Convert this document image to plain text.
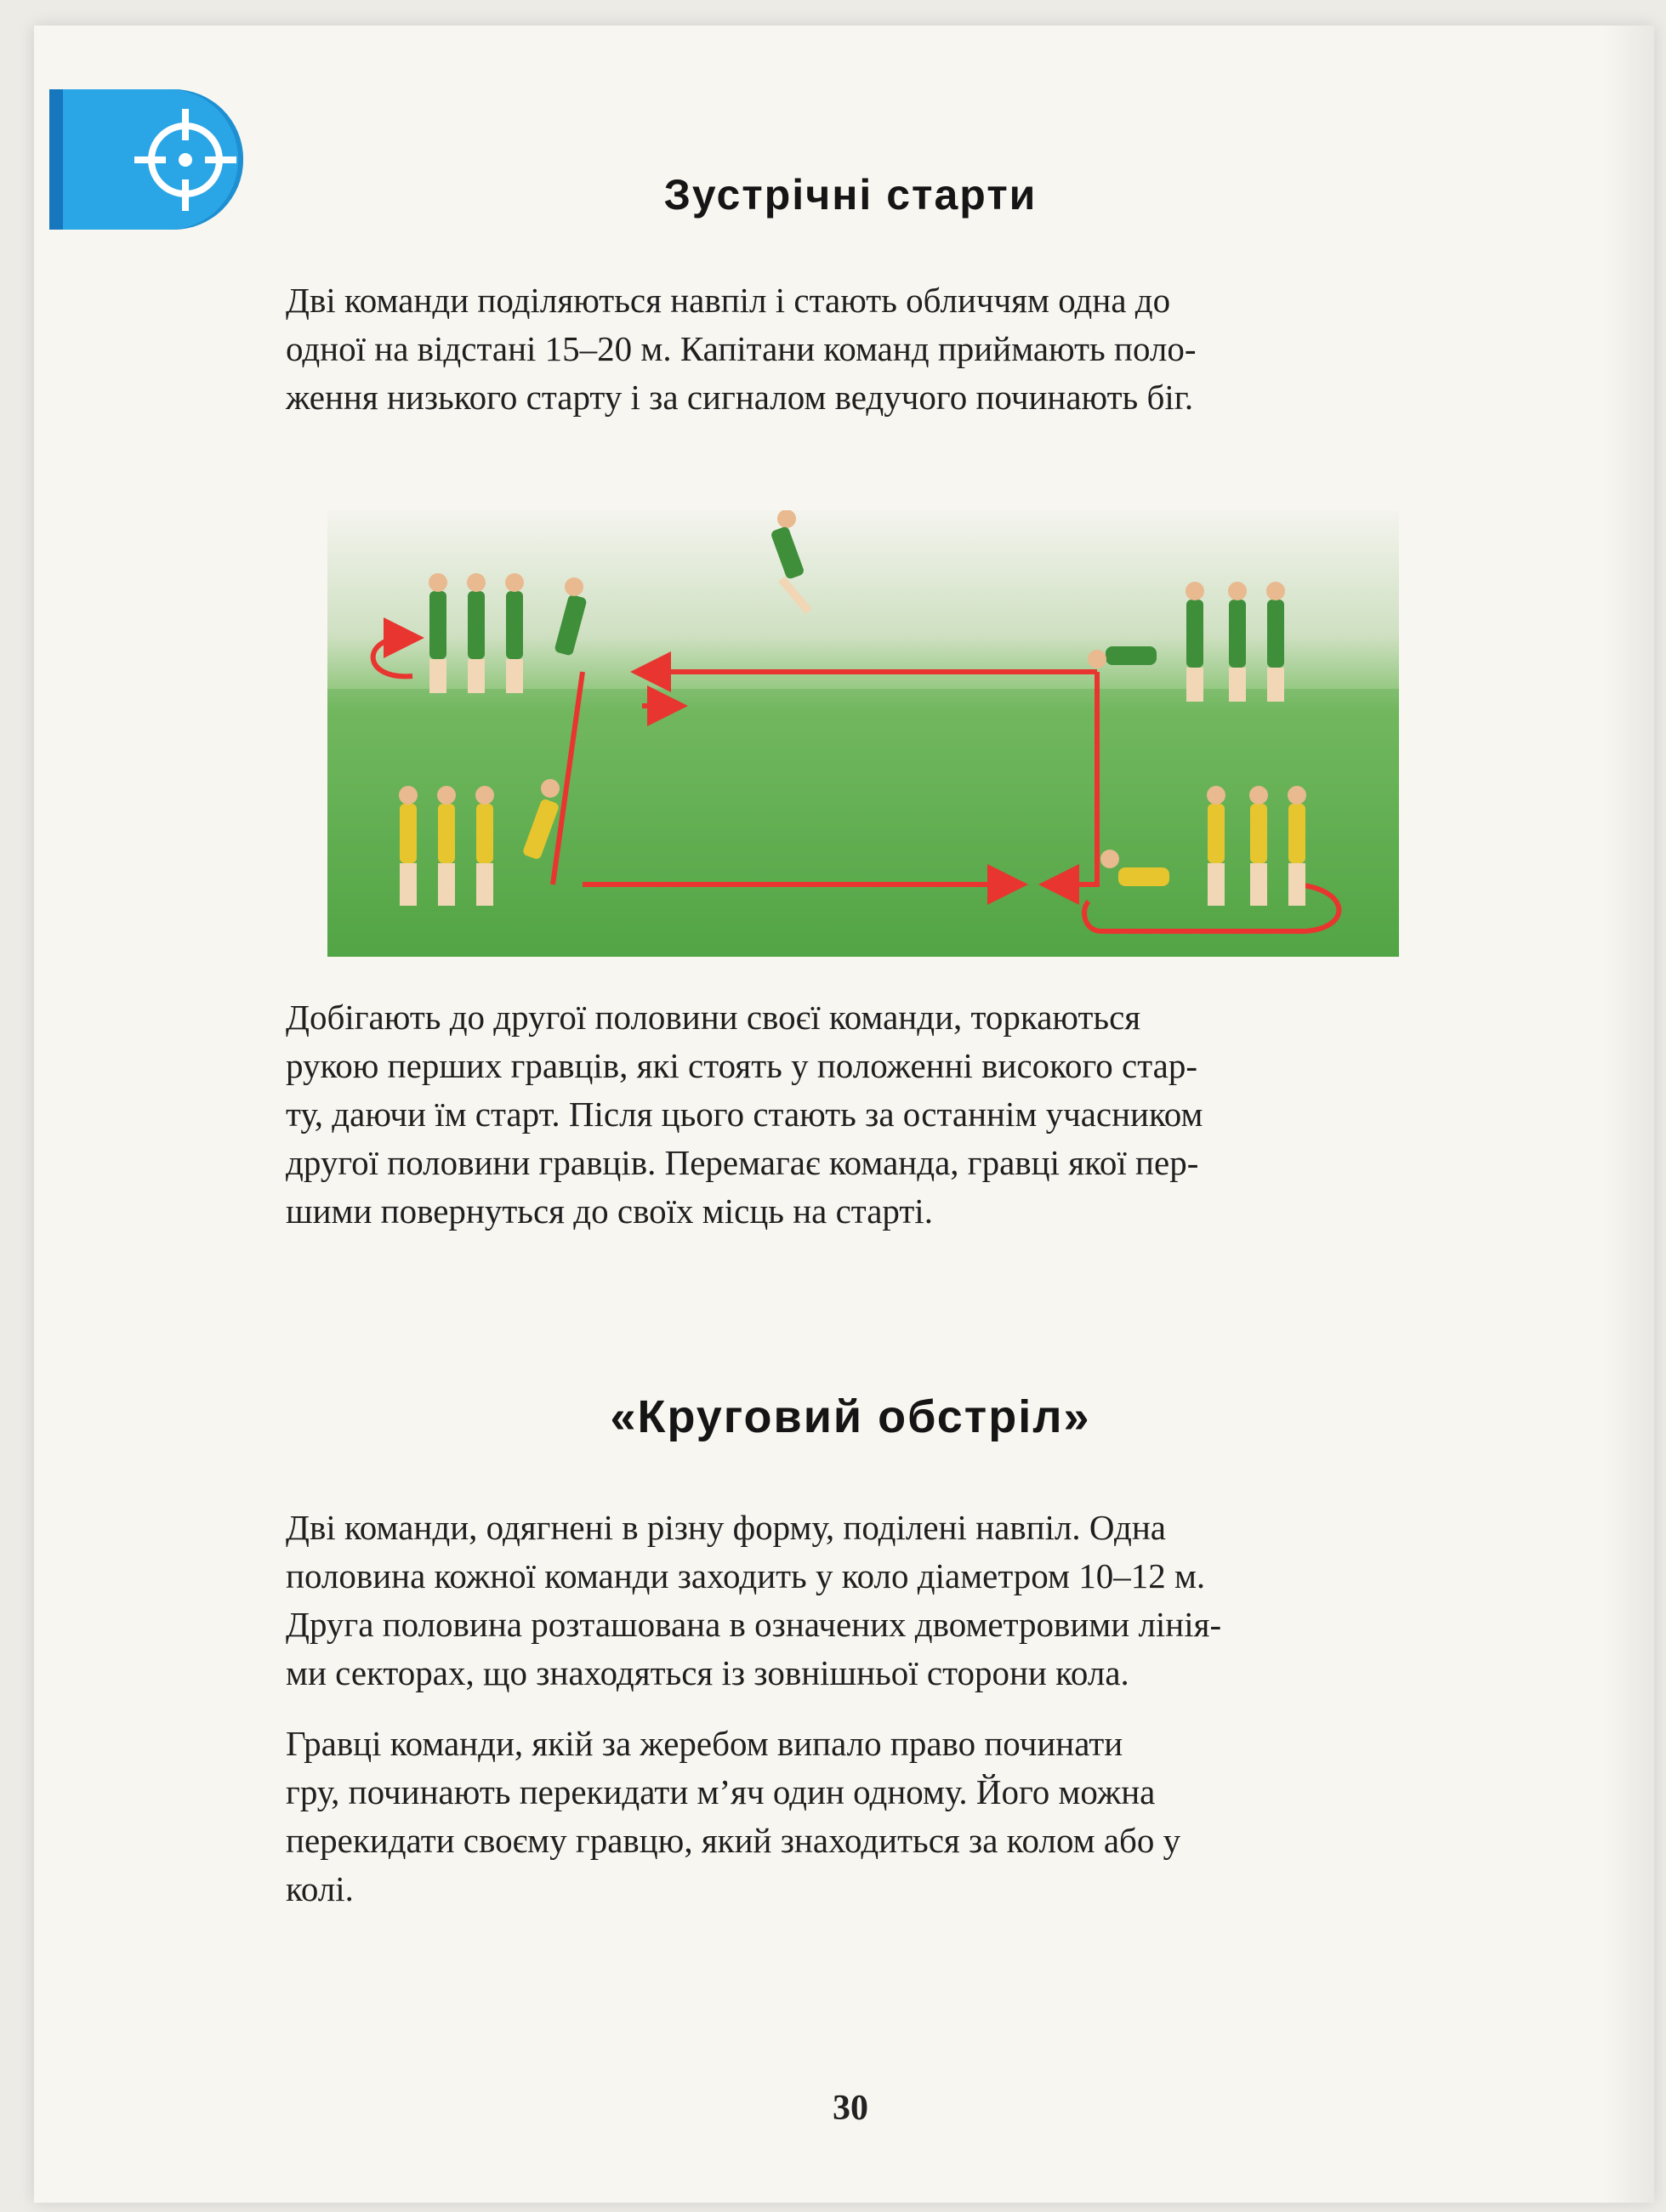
Зустрічні старти

Дві команди поділяються навпіл і стають обличчям одна до
одної на відстані 15–20 м. Капітани команд приймають поло-
ження низького старту і за сигналом ведучого починають біг.

Добігають до другої половини своєї команди, торкаються
рукою перших гравців, які стоять у положенні високого стар-
ту, даючи їм старт. Після цього стають за останнім учасником
другої половини гравців. Перемагає команда, гравці якої пер-
шими повернуться до своїх місць на старті.

«Круговий обстріл»

Дві команди, одягнені в різну форму, поділені навпіл. Одна
половина кожної команди заходить у коло діаметром 10–12 м.
Друга половина розташована в означених двометровими лінія-
ми секторах, що знаходяться із зовнішньої сторони кола.

Гравці команди, якій за жеребом випало право починати
гру, починають перекидати м’яч один одному. Його можна
перекидати своєму гравцю, який знаходиться за колом або у
колі.

30
